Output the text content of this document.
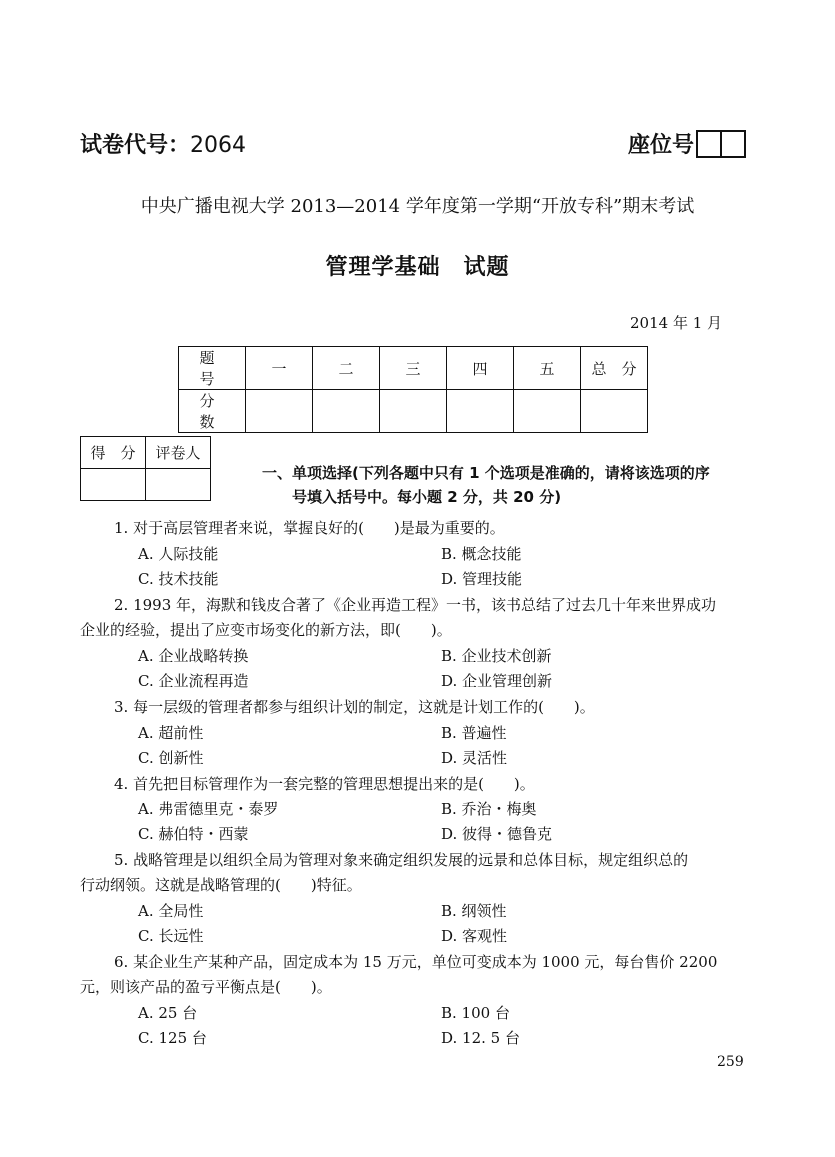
试卷代号：2064	座位号
中央广播电视大学 2013—2014 学年度第一学期“开放专科”期末考试
管理学基础　试题
2014 年 1 月
题　号	一	二	三	四	五	总　分
分　数						
得　分	评卷人

一、单项选择(下列各题中只有 1 个选项是准确的，请将该选项的序
号填入括号中。每小题 2 分，共 20 分)
1. 对于高层管理者来说，掌握良好的(　　)是最为重要的。
A. 人际技能	B. 概念技能
C. 技术技能	D. 管理技能
2. 1993 年，海默和钱皮合著了《企业再造工程》一书，该书总结了过去几十年来世界成功
企业的经验，提出了应变市场变化的新方法，即(　　)。
A. 企业战略转换	B. 企业技术创新
C. 企业流程再造	D. 企业管理创新
3. 每一层级的管理者都参与组织计划的制定，这就是计划工作的(　　)。
A. 超前性	B. 普遍性
C. 创新性	D. 灵活性
4. 首先把目标管理作为一套完整的管理思想提出来的是(　　)。
A. 弗雷德里克・泰罗	B. 乔治・梅奥
C. 赫伯特・西蒙	D. 彼得・德鲁克
5. 战略管理是以组织全局为管理对象来确定组织发展的远景和总体目标，规定组织总的
行动纲领。这就是战略管理的(　　)特征。
A. 全局性	B. 纲领性
C. 长远性	D. 客观性
6. 某企业生产某种产品，固定成本为 15 万元，单位可变成本为 1000 元，每台售价 2200
元，则该产品的盈亏平衡点是(　　)。
A. 25 台	B. 100 台
C. 125 台	D. 12. 5 台
259
